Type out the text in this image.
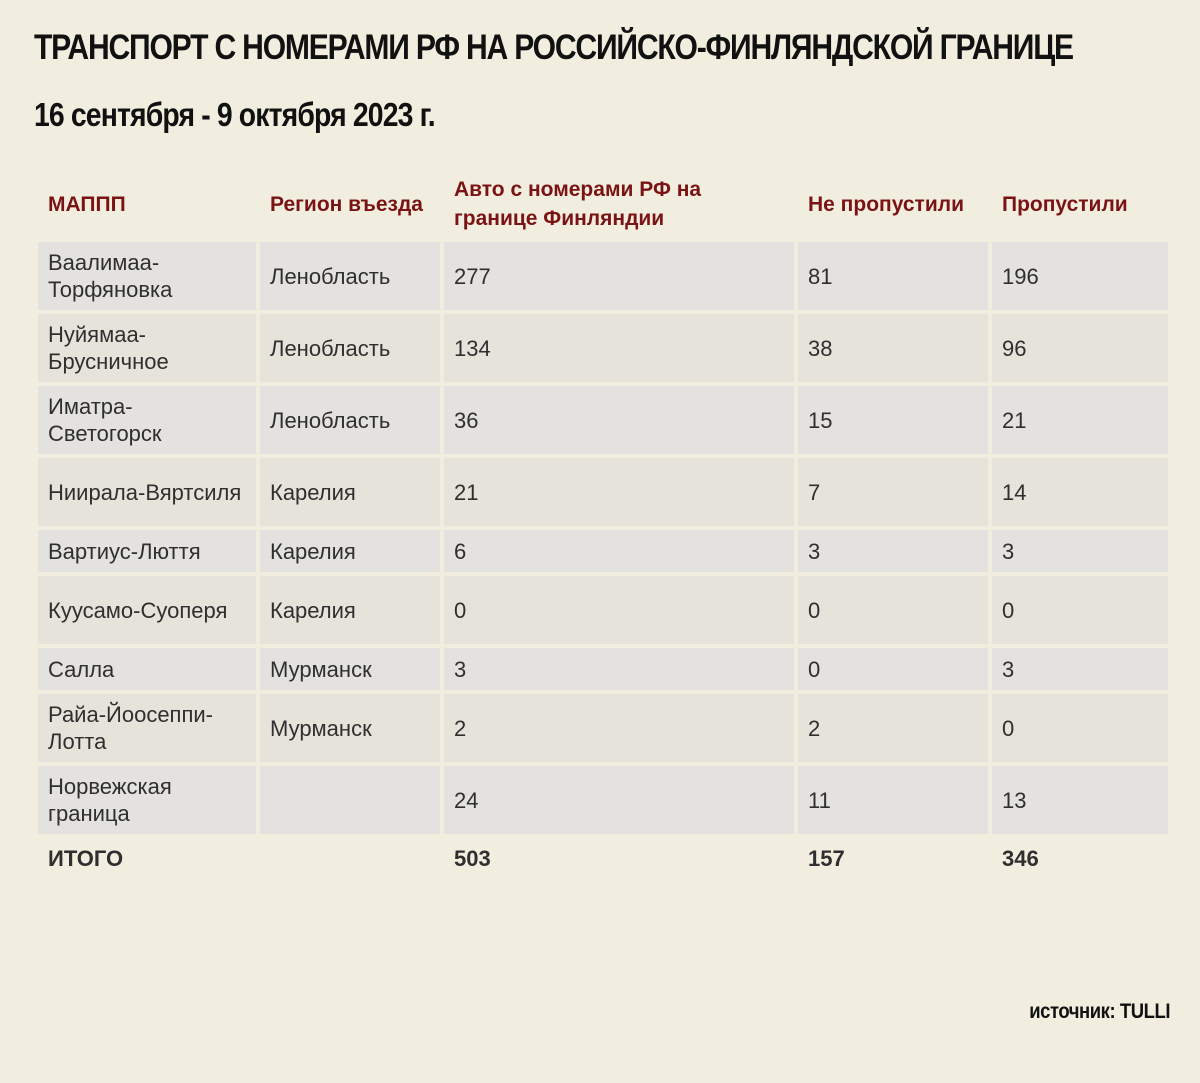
ТРАНСПОРТ С НОМЕРАМИ РФ НА РОССИЙСКО-ФИНЛЯНДСКОЙ ГРАНИЦЕ
16 сентября - 9 октября 2023 г.
МАППП	Регион въезда	Авто с номерами РФ на границе Финляндии	Не пропустили	Пропустили
Ваалимаа-Торфяновка	Ленобласть	277	81	196
Нуйямаа-Брусничное	Ленобласть	134	38	96
Иматра-Светогорск	Ленобласть	36	15	21
Ниирала-Вяртсиля	Карелия	21	7	14
Вартиус-Люття	Карелия	6	3	3
Куусамо-Суоперя	Карелия	0	0	0
Салла	Мурманск	3	0	3
Райа-Йоосеппи-Лотта	Мурманск	2	2	0
Норвежская граница		24	11	13
ИТОГО		503	157	346
источник: TULLI
